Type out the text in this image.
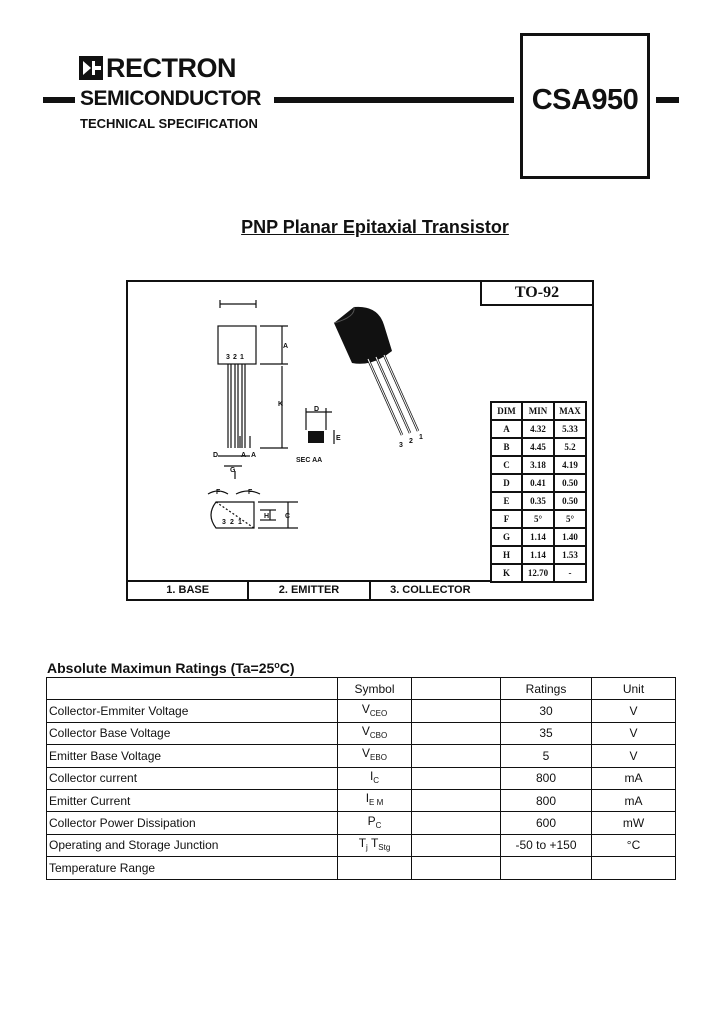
RECTRON
SEMICONDUCTOR
TECHNICAL SPECIFICATION
CSA950
PNP Planar Epitaxial Transistor
TO-92
3 2 1
A
K
A A
D
G
3 2 1
H C
F	F
D
E
SEC AA
3
2
1
DIM	MIN	MAX
A	4.32	5.33
B	4.45	5.2
C	3.18	4.19
D	0.41	0.50
E	0.35	0.50
F	5°	5°
G	1.14	1.40
H	1.14	1.53
K	12.70	-
1. BASE	2. EMITTER	3. COLLECTOR
Absolute Maximun Ratings $(Ta=25^oC)$
	Symbol		Ratings	Unit
Collector-Emmiter Voltage	$V_{CEO}$		30	V
Collector Base Voltage	$V_{CBO}$		35	V
Emitter Base Voltage	$V_{EBO}$		5	V
Collector current	$I_C$		800	mA
Emitter Current	$I_{E M}$		800	mA
Collector Power Dissipation	$P_C$		600	mW
Operating and Storage Junction	$T_j$ $T_{Stg}$		-50 to +150	°C
Temperature Range				
